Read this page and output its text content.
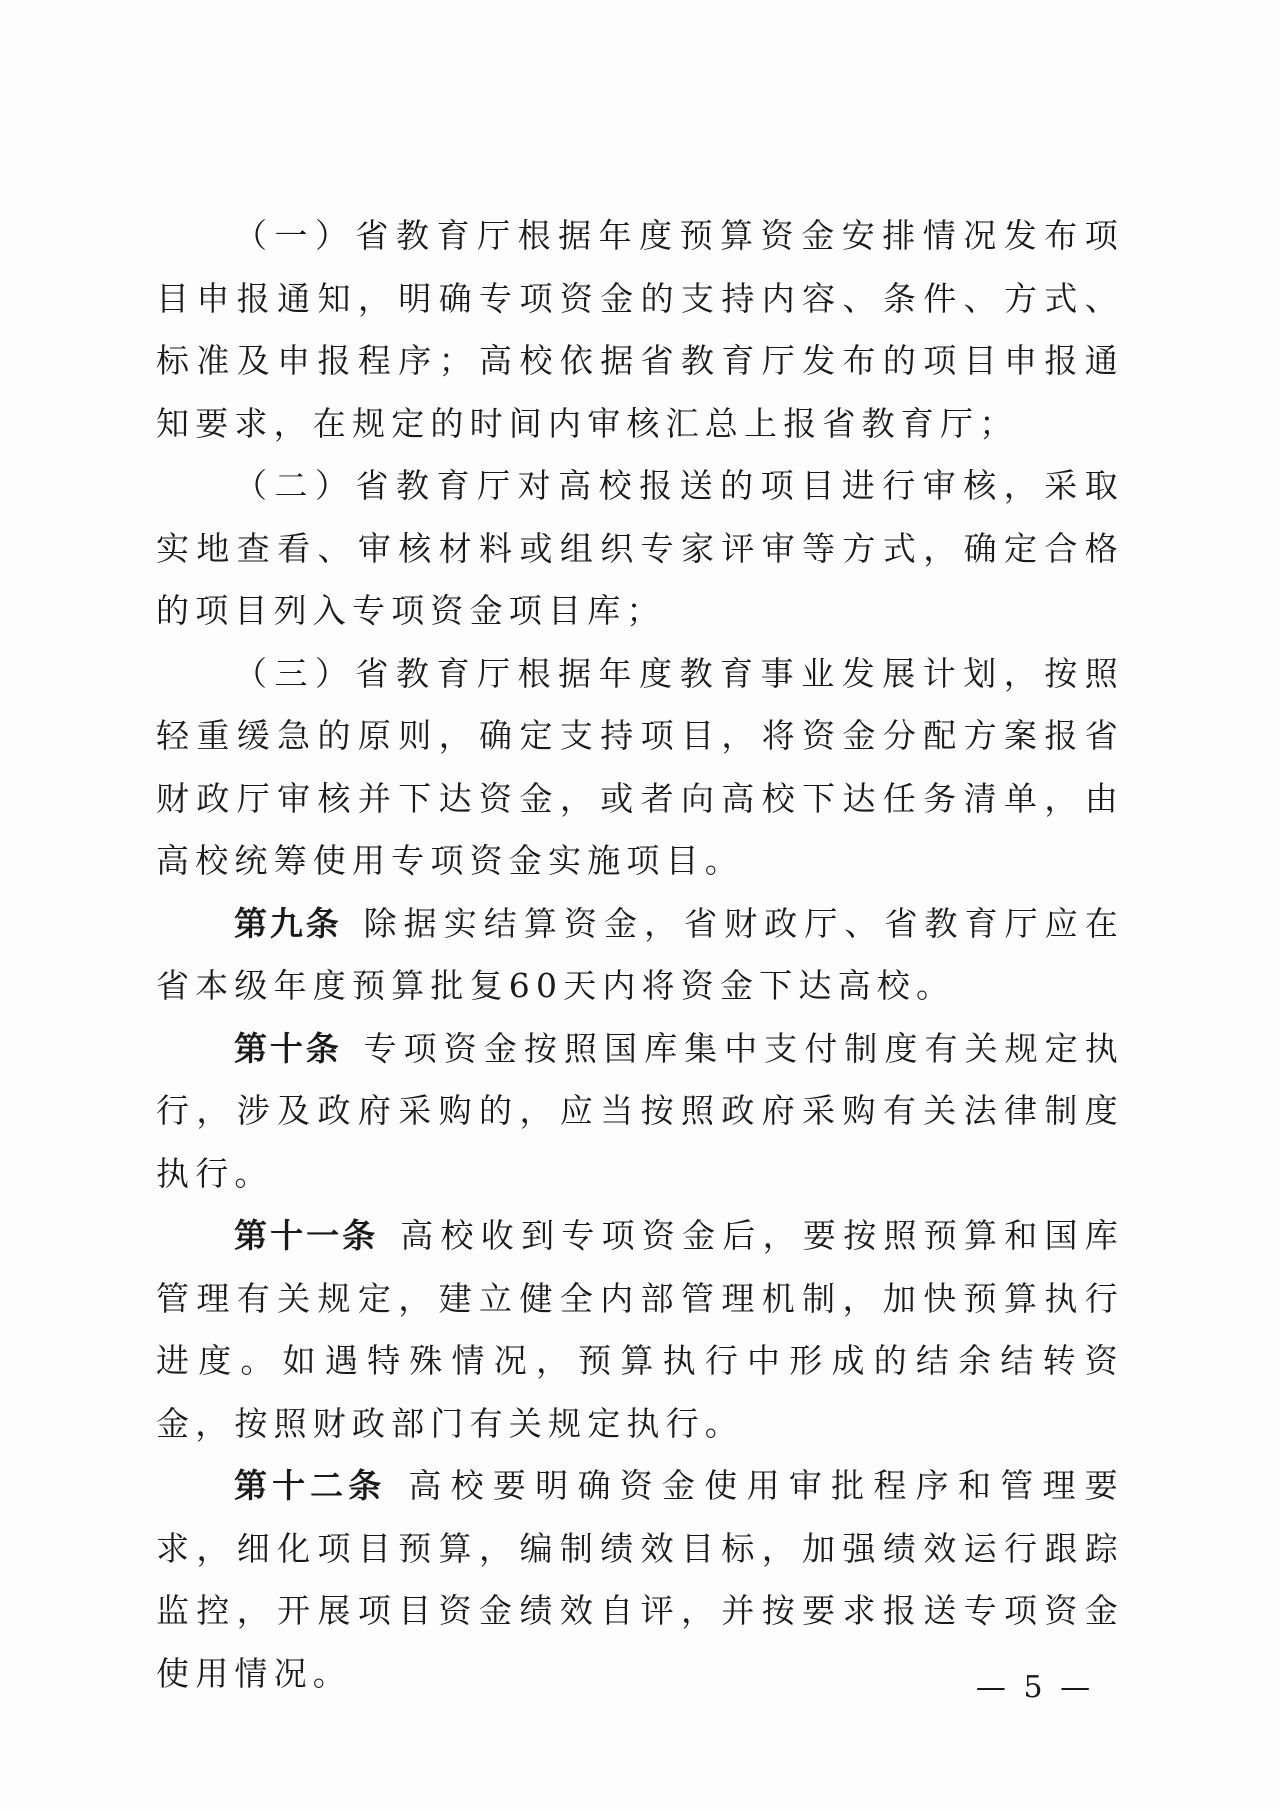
（一）省教育厅根据年度预算资金安排情况发布项目申报通知，明确专项资金的支持内容、条件、方式、标准及申报程序；高校依据省教育厅发布的项目申报通知要求，在规定的时间内审核汇总上报省教育厅；

（二）省教育厅对高校报送的项目进行审核，采取实地查看、审核材料或组织专家评审等方式，确定合格的项目列入专项资金项目库；

（三）省教育厅根据年度教育事业发展计划，按照轻重缓急的原则，确定支持项目，将资金分配方案报省财政厅审核并下达资金，或者向高校下达任务清单，由高校统筹使用专项资金实施项目。

第九条 除据实结算资金，省财政厅、省教育厅应在省本级年度预算批复60天内将资金下达高校。

第十条 专项资金按照国库集中支付制度有关规定执行，涉及政府采购的，应当按照政府采购有关法律制度执行。

第十一条 高校收到专项资金后，要按照预算和国库管理有关规定，建立健全内部管理机制，加快预算执行进度。如遇特殊情况，预算执行中形成的结余结转资金，按照财政部门有关规定执行。

第十二条 高校要明确资金使用审批程序和管理要求，细化项目预算，编制绩效目标，加强绩效运行跟踪监控，开展项目资金绩效自评，并按要求报送专项资金使用情况。	— 5 —
